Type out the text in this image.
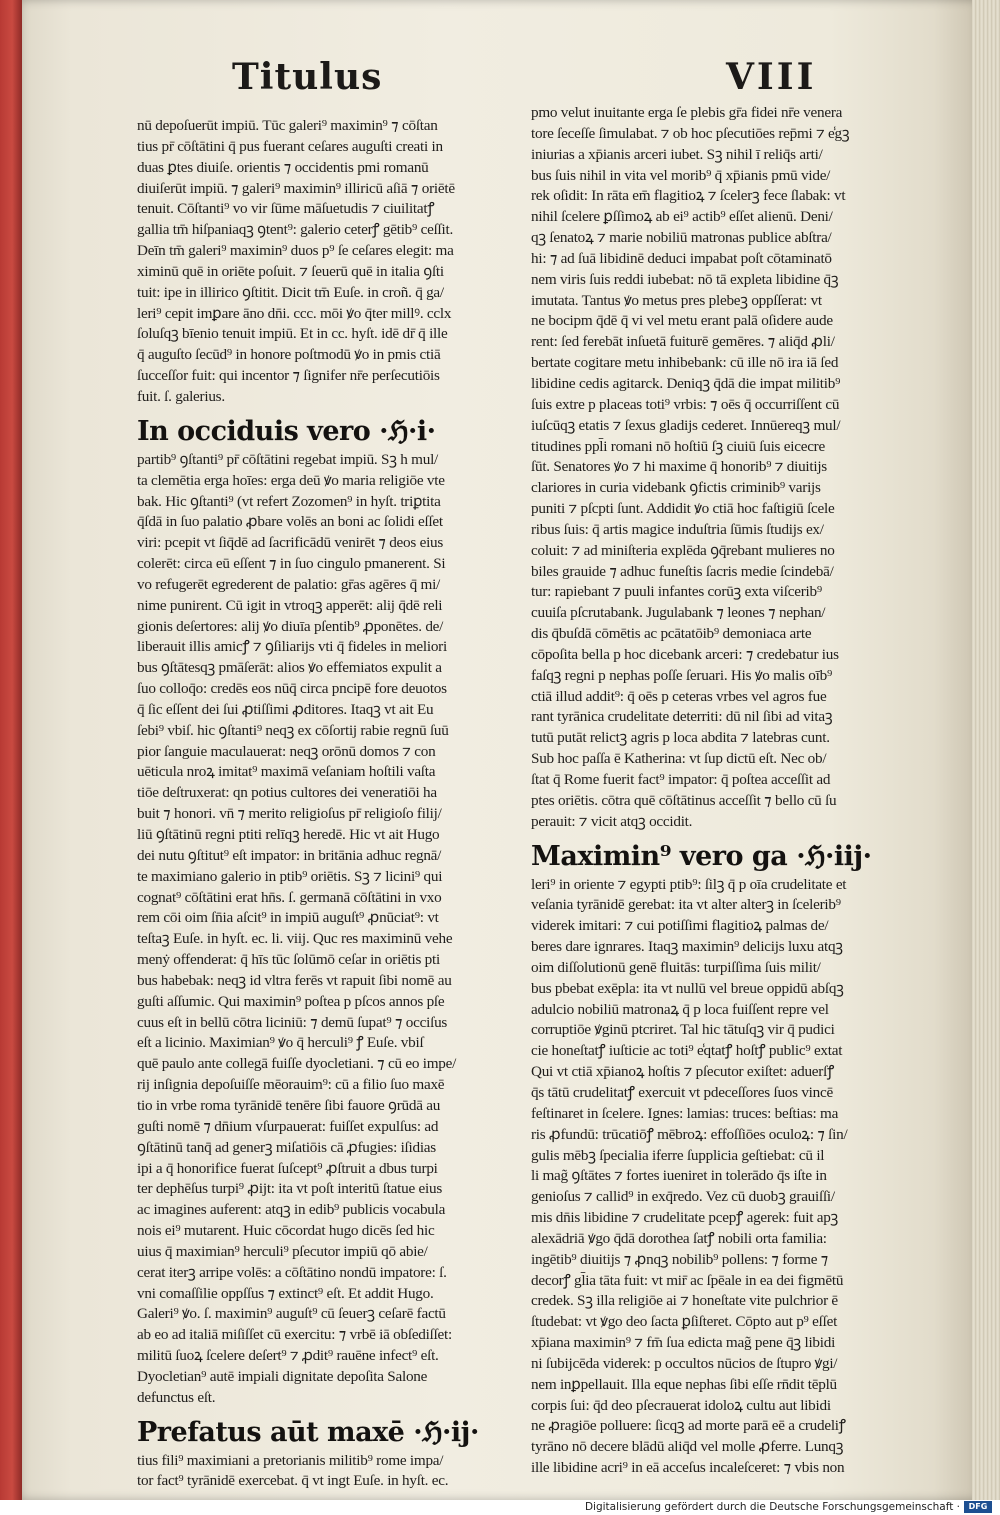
Titulus	VIII
nū depoſuerūt impiū. Tūc galeri⁹ maximin⁹ ⁊ cōſtan
tius pr̄ cōſtātini q̄ pus fuerant ceſares auguſti creati in
duas ꝑtes diuiſe. orientis ⁊ occidentis pmi romanū
diuiſerūt impiū. ⁊ galeri⁹ maximin⁹ illiricū aſiā ⁊ oriētē
tenuit. Cōſtanti⁹ vo vir ſūme māſuetudis ⁊ ciuilitatꝭ
gallia tm̄ hiſpaniaqꝫ ꝯtent⁹: galerio ceterꝭ gētib⁹ ceſſit.
Deīn tm̄ galeri⁹ maximin⁹ duos p⁹ ſe ceſares elegit: ma
ximinū quē in oriēte poſuit. ⁊ ſeuerū quē in italia ꝯſti
tuit: ipe in illirico ꝯſtitit. Dicit tm̄ Euſe. in croñ. q̄ ga/
leri⁹ cepit imꝑare āno dn̄i. ccc. mōi ꝟo q̄ter millꝰ. cclx
ſoluſqꝫ bīenio tenuit impiū. Et in cc. hyſt. idē dr̄ q̄ ille
q̄ auguſto ſecūd⁹ in honore poſtmodū ꝟo in pmis ctiā
ſucceſſor fuit: qui incentor ⁊ ſignifer nr̄e perſecutiōis
fuit. ſ. galerius.
In occiduis vero ·ℌ·i·
partib⁹ ꝯſtanti⁹ pr̄ cōſtātini regebat impiū. Sꝫ h mul/
ta clemētia erga hoīes: erga deū ꝟo maria religiōe vte
bak. Hic ꝯſtanti⁹ (vt refert Zozomen⁹ in hyſt. triꝑtita
q̄ſdā in ſuo palatio ꝓbare volēs an boni ac ſolidi eſſet
viri: pcepit vt ſiq̄dē ad ſacrificādū venirēt ⁊ deos eius
colerēt: circa eū eſſent ⁊ in ſuo cingulo pmanerent. Si
vo refugerēt egrederent de palatio: gr̄as agēres q̄ mi/
nime punirent. Cū igit in vtroqꝫ apperēt: alij q̄dē reli
gionis deſertores: alij ꝟo diuīa pſentib⁹ ꝓponētes. de/
liberauit illis amicꝭ ⁊ ꝯſiliarijs vti q̄ fideles in meliori
bus ꝯſtātesqꝫ pmāſerāt: alios ꝟo effemiatos expulit a
ſuo colloq̄o: credēs eos nūq̄ circa pncipē fore deuotos
q̄ ſic eſſent dei ſui ꝓtiſſimi ꝓditores. Itaqꝫ vt ait Eu
ſebi⁹ vbiſ. hic ꝯſtanti⁹ neqꝫ ex cōſortij rabie regnū ſuū
pior ſanguie maculauerat: neqꝫ orōnū domos ⁊ con
uēticula nroꝝ imitat⁹ maximā veſaniam hoſtili vaſta
tiōe deſtruxerat: qn potius cultores dei veneratiōi ha
buit ⁊ honori. vn̄ ⁊ merito religioſus pr̄ religioſo filij/
liū ꝯſtātinū regni ptiti relīqꝫ heredē. Hic vt ait Hugo
dei nutu ꝯſtitut⁹ eſt impator: in britānia adhuc regnā/
te maximiano galerio in ptib⁹ oriētis. Sꝫ ⁊ licini⁹ qui
cognat⁹ cōſtātini erat hn̄s. ſ. germanā cōſtātini in vxo
rem cōi oim ſn̄ia aſcit⁹ in impiū auguſt⁹ ꝓnūciat⁹: vt
teſtaꝫ Euſe. in hyſt. ec. li. viij. Quc res maximinū vehe
menẏ offenderat: q̄ hīs tūc ſolūmō ceſar in oriētis pti
bus habebak: neqꝫ id vltra ferēs vt rapuit ſibi nomē au
guſti aſſumic. Qui maximin⁹ poſtea p pſcos annos pſe
cuus eſt in bellū cōtra liciniū: ⁊ demū ſupat⁹ ⁊ occiſus
eſt a licinio. Maximian⁹ ꝟo q̄ herculi⁹ ꝭ Euſe. vbiſ
quē paulo ante collegā fuiſſe dyocletiani. ⁊ cū eo impe/
rij inſignia depoſuiſſe mēorauim⁹: cū a filio ſuo maxē
tio in vrbe roma tyrānidē tenēre ſibi fauore ꝯrūdā au
guſti nomē ⁊ dn̄ium vſurpauerat: fuiſſet expulſus: ad
ꝯſtātinū tanq̄ ad generꝫ miſatiōis cā ꝓfugies: iſidias
ipi a q̄ honorifice fuerat ſuſcept⁹ ꝓſtruit a dbus turpi
ter dephēſus turpi⁹ ꝓijt: ita vt poſt interitū ſtatue eius
ac imagines auferent: atqꝫ in edib⁹ publicis vocabula
nois ei⁹ mutarent. Huic cōcordat hugo dicēs ſed hic
uius q̄ maximian⁹ herculi⁹ pſecutor impiū qō abie/
cerat iterꝫ arripe volēs: a cōſtātino nondū impatore: ſ.
vni comaſſilie oppſſus ⁊ extinct⁹ eſt. Et addit Hugo.
Galeri⁹ ꝟo. ſ. maximin⁹ auguſt⁹ cū ſeuerꝫ ceſarē factū
ab eo ad italiā miſiſſet cū exercitu: ⁊ vrbē iā obſediſſet:
militū ſuoꝝ ſcelere deſert⁹ ⁊ ꝓdit⁹ rauēne infect⁹ eſt.
Dyocletian⁹ autē impiali dignitate depoſita Salone
defunctus eſt.
Prefatus aūt maxē ·ℌ·ij·
tius fili⁹ maximiani a pretorianis militib⁹ rome impa/
tor fact⁹ tyrānidē exercebat. q̄ vt ingt Euſe. in hyſt. ec.
pmo velut inuitante erga ſe plebis gr̄a fidei nr̄e venera
tore ſeceſſe ſimulabat. ⁊ ob hoc pſecutiōes rep̄mi ⁊ e̾gꝫ
iniurias a xp̄ianis arceri iubet. Sꝫ nihil ī reliq̄s arti/
bus ſuis nihil in vita vel morib⁹ q̄ xp̄ianis pmū vide/
rek oſidit: In rāta em̄ flagitioꝝ ⁊ ſcelerꝫ fece ſlabak: vt
nihil ſcelere ꝑſſimoꝝ ab ei⁹ actib⁹ eſſet alienū. Deni/
qꝫ ſenatoꝝ ⁊ marie nobiliū matronas publice abſtra/
hi: ⁊ ad ſuā libidinē deduci impabat poſt cōtaminatō
nem viris ſuis reddi iubebat: nō tā expleta libidine q̄ꝫ
imutata. Tantus ꝟo metus pres plebeꝫ oppſſerat: vt
ne bocipm q̄dē q̄ vi vel metu erant palā oſidere aude
rent: ſed ferebāt inſuetā fuiturē gemēres. ⁊ aliq̄d ꝓli/
bertate cogitare metu inhibebank: cū ille nō ira iā ſed
libidine cedis agitarck. Deniqꝫ q̄dā die impat militib⁹
ſuis extre p placeas toti⁹ vrbis: ⁊ oēs q̄ occurriſſent cū
iuſcūqꝫ etatis ⁊ ſexus gladijs cederet. Innūereqꝫ mul/
titudines ppl̄i romani nō hoſtiū ſꝫ ciuiū ſuis eicecre
ſūt. Senatores ꝟo ⁊ hi maxime q̄ honorib⁹ ⁊ diuitijs
clariores in curia videbank ꝯfictis criminib⁹ varijs
puniti ⁊ pſcpti ſunt. Addidit ꝟo ctiā hoc faſtigiū ſcele
ribus ſuis: q̄ artis magice induſtria ſūmis ſtudijs ex/
coluit: ⁊ ad miniſteria explēda ꝯq̄rebant mulieres no
biles grauide ⁊ adhuc funeſtis ſacris medie ſcindebā/
tur: rapiebant ⁊ puuli infantes corūꝫ exta viſcerib⁹
cuuiſa pſcrutabank. Jugulabank ⁊ leones ⁊ nephan/
dis q̄buſdā cōmētis ac pcātatōib⁹ demoniaca arte
cōpoſita bella p hoc dicebank arceri: ⁊ credebatur ius
faſqꝫ regni p nephas poſſe ſeruari. His ꝟo malis oīb⁹
ctiā illud addit⁹: q̄ oēs p ceteras vrbes vel agros fue
rant tyrānica crudelitate deterriti: dū nil ſibi ad vitaꝫ
tutū putāt relictꝫ agris p loca abdita ⁊ latebras cunt.
Sub hoc paſſa ē Katherina: vt ſup dictū eſt. Nec ob/
ſtat q̄ Rome fuerit fact⁹ impator: q̄ poſtea acceſſit ad
ptes oriētis. cōtra quē cōſtātinus acceſſit ⁊ bello cū ſu
perauit: ⁊ vicit atqꝫ occidit.
Maximin⁹ vero ga ·ℌ·iij·
leri⁹ in oriente ⁊ egypti ptib⁹: ſilꝫ q̄ p oīa crudelitate et
veſania tyrānidē gerebat: ita vt alter alterꝫ in ſcelerib⁹
viderek imitari: ⁊ cui potiſſimi flagitioꝝ palmas de/
beres dare ignrares. Itaqꝫ maximin⁹ delicijs luxu atqꝫ
oim diſſolutionū genē fluitās: turpiſſima ſuis milit/
bus pbebat exēpla: ita vt nullū vel breue oppidū abſqꝫ
adulcio nobiliū matronaꝝ q̄ p loca fuiſſent repre vel
corruptiōe ꝟginū ptcriret. Tal hic tātuſqꝫ vir q̄ pudici
cie honeſtatꝭ iuſticie ac toti⁹ e̾qtatꝭ hoſtꝭ public⁹ extat
Qui vt ctiā xp̄ianoꝝ hoſtis ⁊ pſecutor exiſtet: aduerſꝭ
q̄s tātū crudelitatꝭ exercuit vt pdeceſſores ſuos vincē
feſtinaret in ſcelere. Ignes: lamias: truces: beſtias: ma
ris ꝓfundū: trūcatiōꝭ mēbroꝝ: effoſſiōes oculoꝝ: ⁊ ſin/
gulis mēbꝫ ſpecialia iferre ſupplicia geſtiebat: cū il
li mag̃ ꝯſtātes ⁊ fortes iueniret in tolerādo q̄s iſte in
genioſus ⁊ callid⁹ in exq̄redo. Vez cū duobꝫ grauiſſi/
mis dn̄is libidine ⁊ crudelitate pcepꝭ agerek: fuit apꝫ
alexādriā ꝟgo q̄dā dorothea ſatꝭ nobili orta familia:
ingētib⁹ diuitijs ⁊ ꝓnqꝫ nobilib⁹ pollens: ⁊ forme ⁊
decorꝭ gl̄ia tāta fuit: vt mir̄ ac ſpēale in ea dei figmētū
credek. Sꝫ illa religiōe ai ⁊ honeſtate vite pulchrior ē
ſtudebat: vt ꝟgo deo ſacta ꝑſiſteret. Cōpto aut p⁹ eſſet
xp̄iana maximin⁹ ⁊ fm̄ ſua edicta mag̃ pene q̄ꝫ libidi
ni ſubijcēda viderek: p occultos nūcios de ſtupro ꝟgi/
nem inꝑpellauit. Illa eque nephas ſibi eſſe rn̄dit tēplū
corpis ſui: q̄d deo pſecrauerat idoloꝝ cultu aut libidi
ne ꝓragiōe polluere: ſicqꝫ ad morte parā eē a crudeliꝭ
tyrāno nō decere blādū aliq̄d vel molle ꝓferre. Lunqꝫ
ille libidine acri⁹ in eā acceſus incaleſceret: ⁊ vbis non
Digitalisierung gefördert durch die Deutsche Forschungsgemeinschaft ·	DFG
